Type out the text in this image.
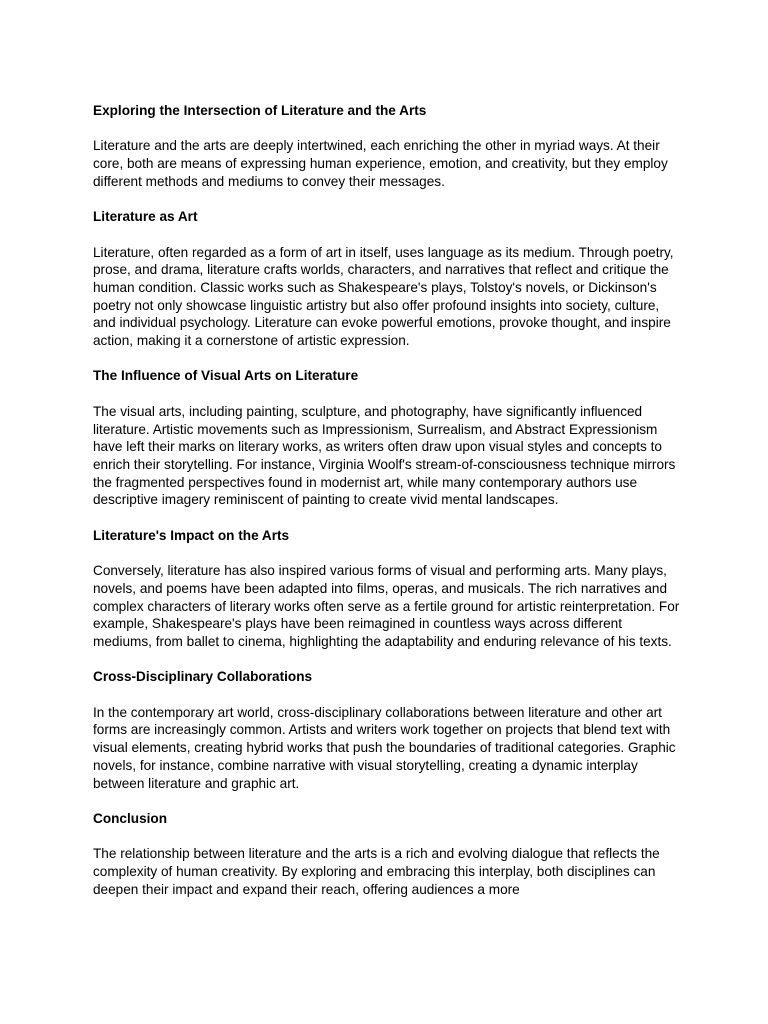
Exploring the Intersection of Literature and the Arts

Literature and the arts are deeply intertwined, each enriching the other in myriad ways. At their core, both are means of expressing human experience, emotion, and creativity, but they employ different methods and mediums to convey their messages.

Literature as Art

Literature, often regarded as a form of art in itself, uses language as its medium. Through poetry, prose, and drama, literature crafts worlds, characters, and narratives that reflect and critique the human condition. Classic works such as Shakespeare's plays, Tolstoy's novels, or Dickinson's poetry not only showcase linguistic artistry but also offer profound insights into society, culture, and individual psychology. Literature can evoke powerful emotions, provoke thought, and inspire action, making it a cornerstone of artistic expression.

The Influence of Visual Arts on Literature

The visual arts, including painting, sculpture, and photography, have significantly influenced literature. Artistic movements such as Impressionism, Surrealism, and Abstract Expressionism have left their marks on literary works, as writers often draw upon visual styles and concepts to enrich their storytelling. For instance, Virginia Woolf's stream-of-consciousness technique mirrors the fragmented perspectives found in modernist art, while many contemporary authors use descriptive imagery reminiscent of painting to create vivid mental landscapes.

Literature's Impact on the Arts

Conversely, literature has also inspired various forms of visual and performing arts. Many plays, novels, and poems have been adapted into films, operas, and musicals. The rich narratives and complex characters of literary works often serve as a fertile ground for artistic reinterpretation. For example, Shakespeare's plays have been reimagined in countless ways across different mediums, from ballet to cinema, highlighting the adaptability and enduring relevance of his texts.

Cross-Disciplinary Collaborations

In the contemporary art world, cross-disciplinary collaborations between literature and other art forms are increasingly common. Artists and writers work together on projects that blend text with visual elements, creating hybrid works that push the boundaries of traditional categories. Graphic novels, for instance, combine narrative with visual storytelling, creating a dynamic interplay between literature and graphic art.

Conclusion

The relationship between literature and the arts is a rich and evolving dialogue that reflects the complexity of human creativity. By exploring and embracing this interplay, both disciplines can deepen their impact and expand their reach, offering audiences a more
